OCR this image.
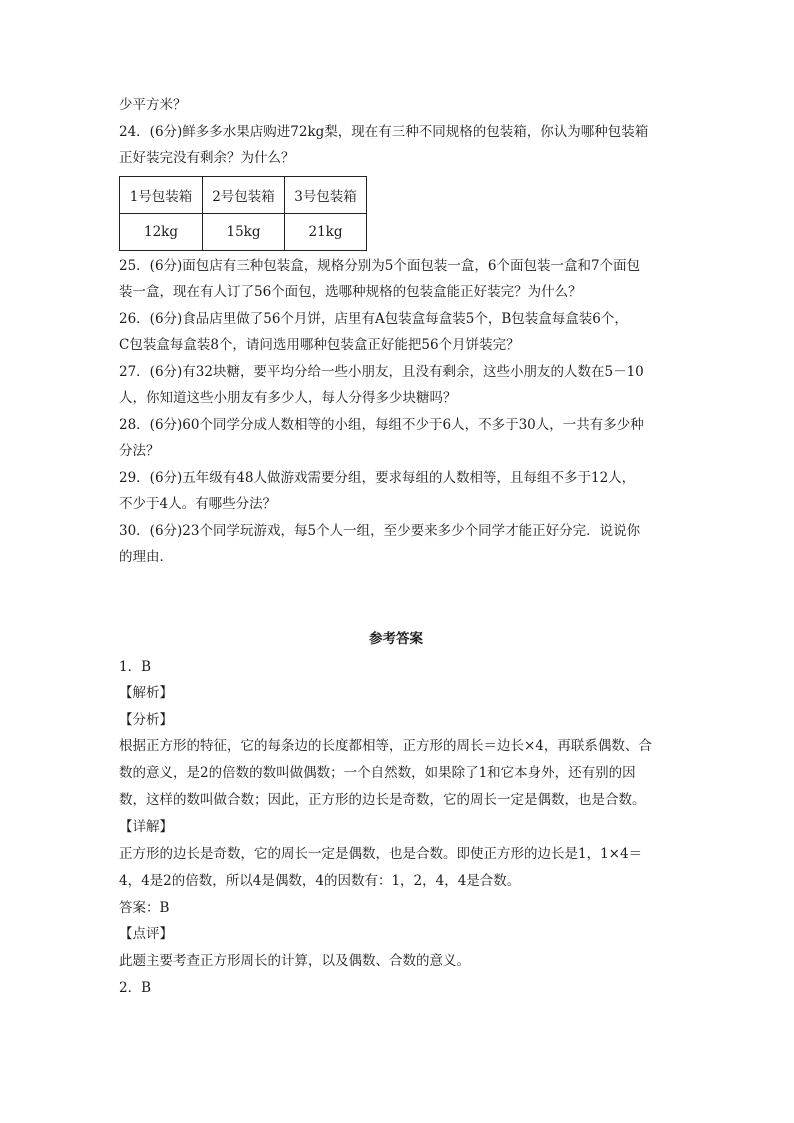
少平方米？
24．(6分)鲜多多水果店购进72kg梨，现在有三种不同规格的包装箱，你认为哪种包装箱
正好装完没有剩余？为什么？
1号包装箱	2号包装箱	3号包装箱
12kg	15kg	21kg
25．(6分)面包店有三种包装盒，规格分别为5个面包装一盒，6个面包装一盒和7个面包
装一盒，现在有人订了56个面包，选哪种规格的包装盒能正好装完？为什么？
26．(6分)食品店里做了56个月饼，店里有A包装盒每盒装5个，B包装盒每盒装6个，
C包装盒每盒装8个，请问选用哪种包装盒正好能把56个月饼装完？
27．(6分)有32块糖，要平均分给一些小朋友，且没有剩余，这些小朋友的人数在5－10
人，你知道这些小朋友有多少人，每人分得多少块糖吗？
28．(6分)60个同学分成人数相等的小组，每组不少于6人，不多于30人，一共有多少种
分法？
29．(6分)五年级有48人做游戏需要分组，要求每组的人数相等，且每组不多于12人，
不少于4人。有哪些分法？
30．(6分)23个同学玩游戏，每5个人一组，至少要来多少个同学才能正好分完．说说你
的理由．
参考答案
1．B
【解析】
【分析】
根据正方形的特征，它的每条边的长度都相等，正方形的周长＝边长×4，再联系偶数、合
数的意义，是2的倍数的数叫做偶数；一个自然数，如果除了1和它本身外，还有别的因
数，这样的数叫做合数；因此，正方形的边长是奇数，它的周长一定是偶数，也是合数。
【详解】
正方形的边长是奇数，它的周长一定是偶数，也是合数。即使正方形的边长是1，1×4＝
4，4是2的倍数，所以4是偶数，4的因数有：1，2，4，4是合数。
答案：B
【点评】
此题主要考查正方形周长的计算，以及偶数、合数的意义。
2．B
